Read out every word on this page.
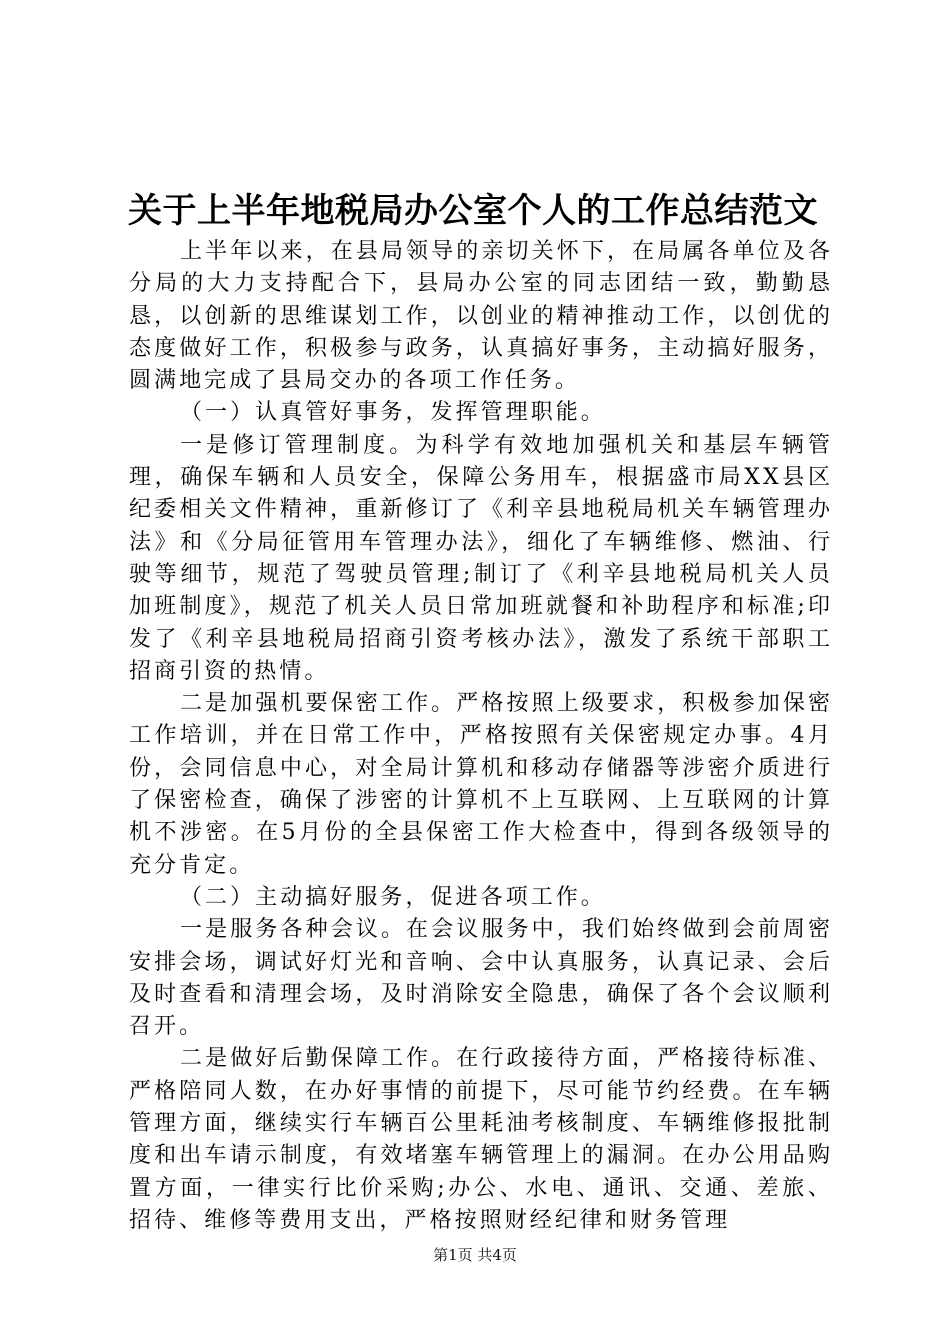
关于上半年地税局办公室个人的工作总结范文

上半年以来，在县局领导的亲切关怀下，在局属各单位及各分局的大力支持配合下，县局办公室的同志团结一致，勤勤恳恳，以创新的思维谋划工作，以创业的精神推动工作，以创优的态度做好工作，积极参与政务，认真搞好事务，主动搞好服务，圆满地完成了县局交办的各项工作任务。

（一）认真管好事务，发挥管理职能。

一是修订管理制度。为科学有效地加强机关和基层车辆管理，确保车辆和人员安全，保障公务用车，根据盛市局XX县区纪委相关文件精神，重新修订了《利辛县地税局机关车辆管理办法》和《分局征管用车管理办法》，细化了车辆维修、燃油、行驶等细节，规范了驾驶员管理;制订了《利辛县地税局机关人员加班制度》，规范了机关人员日常加班就餐和补助程序和标准;印发了《利辛县地税局招商引资考核办法》，激发了系统干部职工招商引资的热情。

二是加强机要保密工作。严格按照上级要求，积极参加保密工作培训，并在日常工作中，严格按照有关保密规定办事。4月份，会同信息中心，对全局计算机和移动存储器等涉密介质进行了保密检查，确保了涉密的计算机不上互联网、上互联网的计算机不涉密。在5月份的全县保密工作大检查中，得到各级领导的充分肯定。

（二）主动搞好服务，促进各项工作。

一是服务各种会议。在会议服务中，我们始终做到会前周密安排会场，调试好灯光和音响、会中认真服务，认真记录、会后及时查看和清理会场，及时消除安全隐患，确保了各个会议顺利召开。

二是做好后勤保障工作。在行政接待方面，严格接待标准、严格陪同人数，在办好事情的前提下，尽可能节约经费。在车辆管理方面，继续实行车辆百公里耗油考核制度、车辆维修报批制度和出车请示制度，有效堵塞车辆管理上的漏洞。在办公用品购置方面，一律实行比价采购;办公、水电、通讯、交通、差旅、招待、维修等费用支出，严格按照财经纪律和财务管理

第1页 共4页
